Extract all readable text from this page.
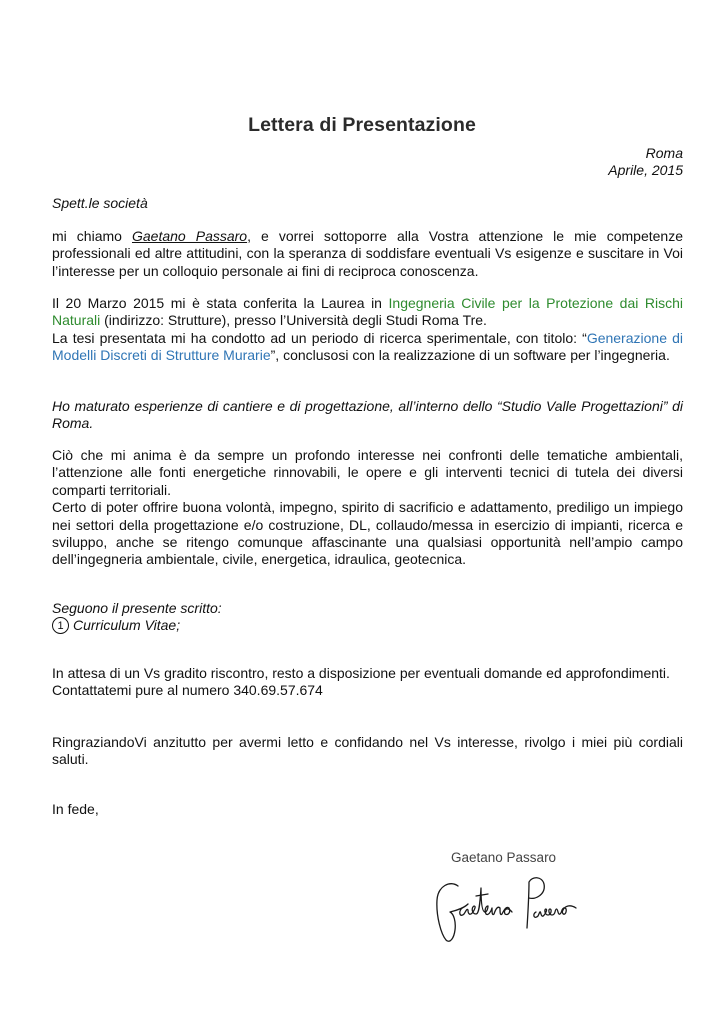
Lettera di Presentazione
Roma
Aprile, 2015
Spett.le società

mi chiamo Gaetano Passaro, e vorrei sottoporre alla Vostra attenzione le mie competenze professionali ed altre attitudini, con la speranza di soddisfare eventuali Vs esigenze e suscitare in Voi l’interesse per un colloquio personale ai fini di reciproca conoscenza.

Il 20 Marzo 2015 mi è stata conferita la Laurea in Ingegneria Civile per la Protezione dai Rischi Naturali (indirizzo: Strutture), presso l’Università degli Studi Roma Tre.

La tesi presentata mi ha condotto ad un periodo di ricerca sperimentale, con titolo: “Generazione di Modelli Discreti di Strutture Murarie”, conclusosi con la realizzazione di un software per l’ingegneria.

Ho maturato esperienze di cantiere e di progettazione, all’interno dello “Studio Valle Progettazioni” di Roma.

Ciò che mi anima è da sempre un profondo interesse nei confronti delle tematiche ambientali, l’attenzione alle fonti energetiche rinnovabili, le opere e gli interventi tecnici di tutela dei diversi comparti territoriali.

Certo di poter offrire buona volontà, impegno, spirito di sacrificio e adattamento, prediligo un impiego nei settori della progettazione e/o costruzione, DL, collaudo/messa in esercizio di impianti, ricerca e sviluppo, anche se ritengo comunque affascinante una qualsiasi opportunità nell’ampio campo dell’ingegneria ambientale, civile, energetica, idraulica, geotecnica.

Seguono il presente scritto:
1 Curriculum Vitae;

In attesa di un Vs gradito riscontro, resto a disposizione per eventuali domande ed approfondimenti.

Contattatemi pure al numero 340.69.57.674

RingraziandoVi anzitutto per avermi letto e confidando nel Vs interesse, rivolgo i miei più cordiali saluti.
In fede,
Gaetano Passaro
